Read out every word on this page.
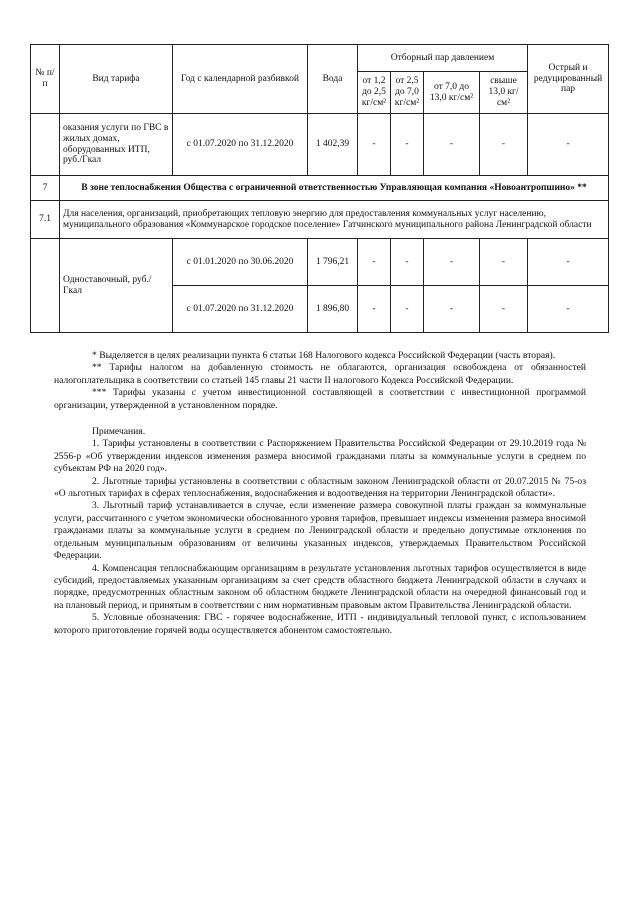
№ п/п	Вид тарифа	Год с календарной разбивкой	Вода	Отборный пар давлением				Острый и редуцированный пар
				от 1,2 до 2,5 кг/см²	от 2,5 до 7,0 кг/см²	от 7,0 до 13,0 кг/см²	свыше 13,0 кг/см²	
	оказания услуги по ГВС в жилых домах, оборудованных ИТП, руб./Гкал	с 01.07.2020 по 31.12.2020	1 402,39	-	-	-	-	-
7	В зоне теплоснабжения Общества с ограниченной ответственностью Управляющая компания «Новоантропшино» **							
7.1	Для населения, организаций, приобретающих тепловую энергию для предоставления коммунальных услуг населению, муниципального образования «Коммунарское городское поселение» Гатчинского муниципального района Ленинградской области							
	Одноставочный, руб./Гкал	с 01.01.2020 по 30.06.2020	1 796,21	-	-	-	-	-
		с 01.07.2020 по 31.12.2020	1 896,80	-	-	-	-	-

* Выделяется в целях реализации пункта 6 статьи 168 Налогового кодекса Российской Федерации (часть вторая).

** Тарифы налогом на добавленную стоимость не облагаются, организация освобождена от обязанностей налогоплательщика в соответствии со статьей 145 главы 21 части II налогового Кодекса Российской Федерации.

*** Тарифы указаны с учетом инвестиционной составляющей в соответствии с инвестиционной программой организации, утвержденной в установленном порядке.

Примечания.

1. Тарифы установлены в соответствии с Распоряжением Правительства Российской Федерации от 29.10.2019 года № 2556-р «Об утверждении индексов изменения размера вносимой гражданами платы за коммунальные услуги в среднем по субъектам РФ на 2020 год».

2. Льготные тарифы установлены в соответствии с областным законом Ленинградской области от 20.07.2015 № 75-оз «О льготных тарифах в сферах теплоснабжения, водоснабжения и водоотведения на территории Ленинградской области».

3. Льготный тариф устанавливается в случае, если изменение размера совокупной платы граждан за коммунальные услуги, рассчитанного с учетом экономически обоснованного уровня тарифов, превышает индексы изменения размера вносимой гражданами платы за коммунальные услуги в среднем по Ленинградской области и предельно допустимые отклонения по отдельным муниципальным образованиям от величины указанных индексов, утверждаемых Правительством Российской Федерации.

4. Компенсация теплоснабжающим организациям в результате установления льготных тарифов осуществляется в виде субсидий, предоставляемых указанным организациям за счет средств областного бюджета Ленинградской области в случаях и порядке, предусмотренных областным законом об областном бюджете Ленинградской области на очередной финансовый год и на плановый период, и принятым в соответствии с ним нормативным правовым актом Правительства Ленинградской области.

5. Условные обозначения: ГВС - горячее водоснабжение, ИТП - индивидуальный тепловой пункт, с использованием которого приготовление горячей воды осуществляется абонентом самостоятельно.
